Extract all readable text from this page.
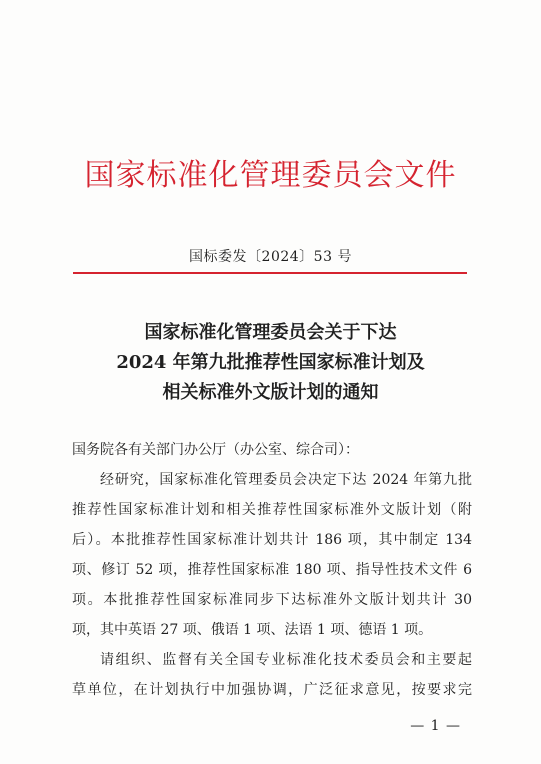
国家标准化管理委员会文件
国标委发〔2024〕53 号
国家标准化管理委员会关于下达
2024 年第九批推荐性国家标准计划及
相关标准外文版计划的通知
国务院各有关部门办公厅（办公室、综合司）：
经研究，国家标准化管理委员会决定下达 2024 年第九批
推荐性国家标准计划和相关推荐性国家标准外文版计划（附
后）。本批推荐性国家标准计划共计 186 项，其中制定 134
项、修订 52 项，推荐性国家标准 180 项、指导性技术文件 6
项。本批推荐性国家标准同步下达标准外文版计划共计 30
项，其中英语 27 项、俄语 1 项、法语 1 项、德语 1 项。
请组织、监督有关全国专业标准化技术委员会和主要起
草单位，在计划执行中加强协调，广泛征求意见，按要求完
— 1 —
